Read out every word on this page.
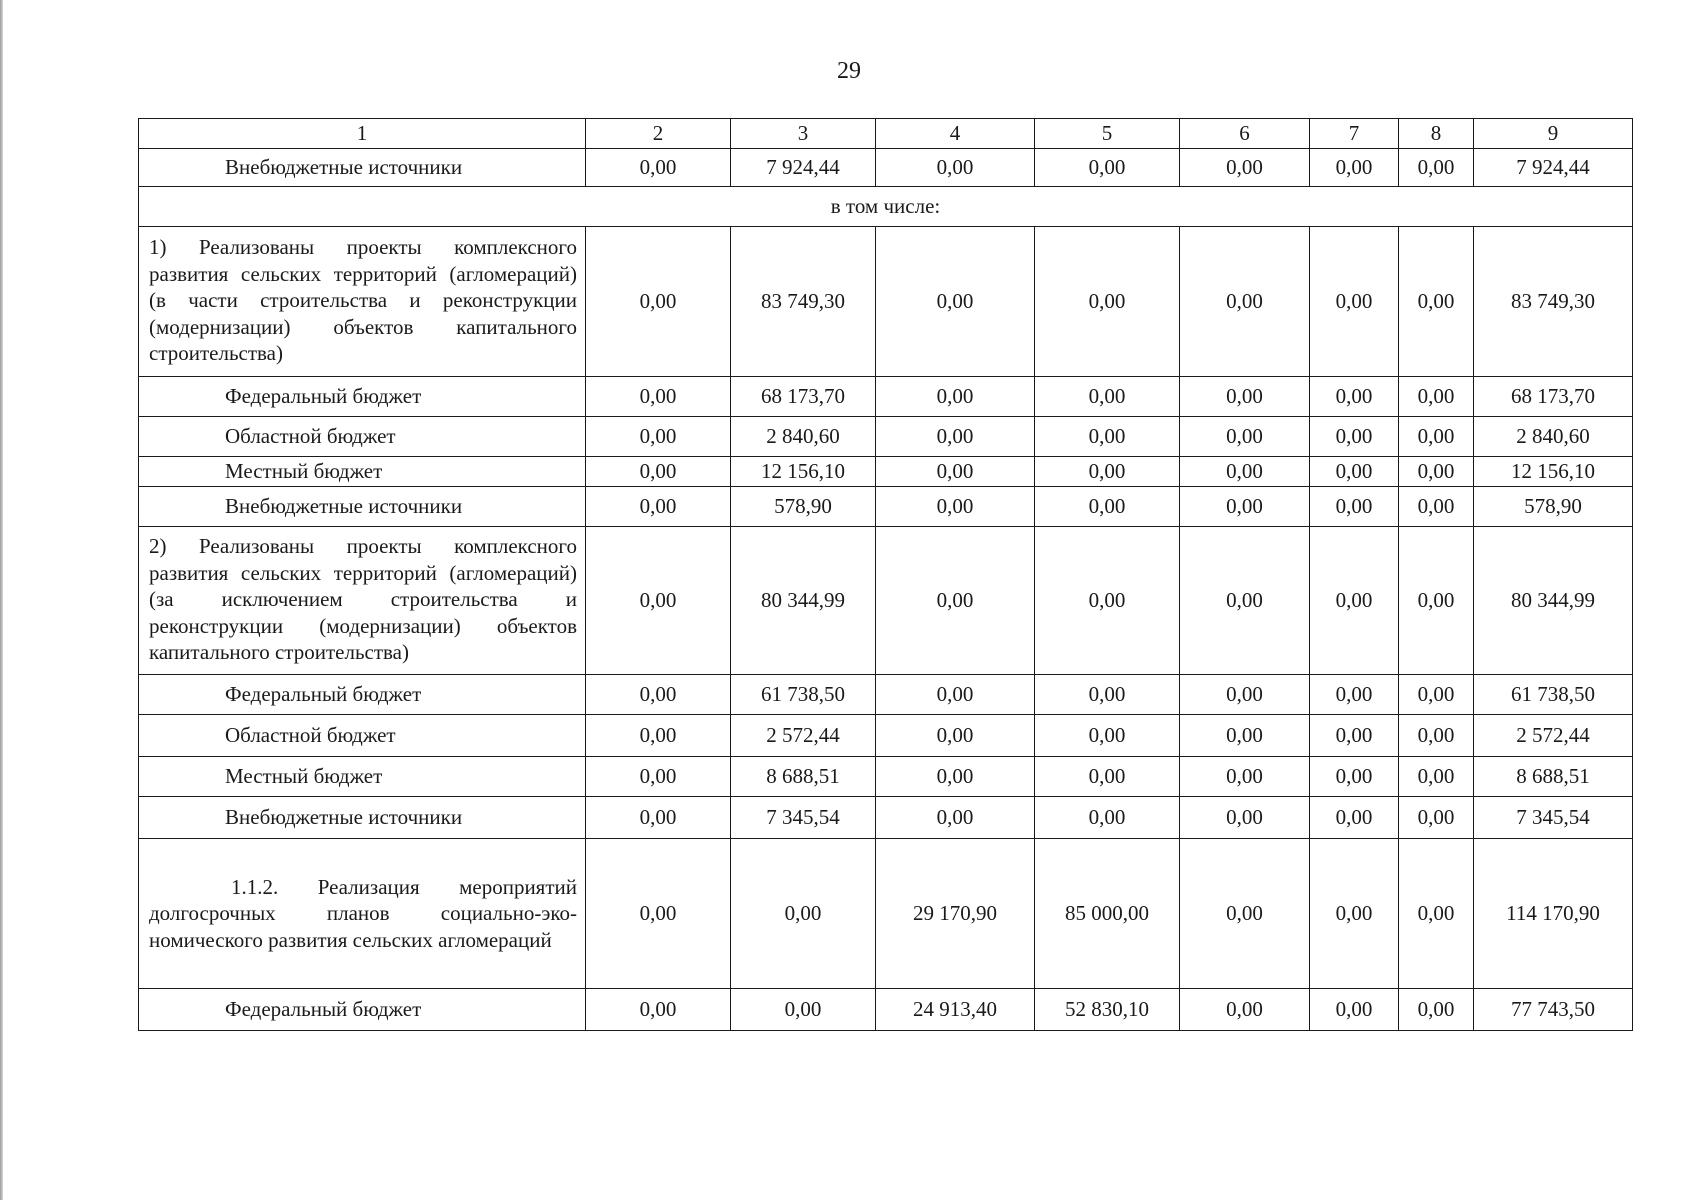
29
1	2	3	4	5	6	7	8	9
Внебюджетные источники	0,00	7 924,44	0,00	0,00	0,00	0,00	0,00	7 924,44
в том числе:								
1) Реализованы проекты комплексного развития сельских территорий (агломераций) (в части строительства и реконструкции (модернизации) объектов капитального строительства)	0,00	83 749,30	0,00	0,00	0,00	0,00	0,00	83 749,30
Федеральный бюджет	0,00	68 173,70	0,00	0,00	0,00	0,00	0,00	68 173,70
Областной бюджет	0,00	2 840,60	0,00	0,00	0,00	0,00	0,00	2 840,60
Местный бюджет	0,00	12 156,10	0,00	0,00	0,00	0,00	0,00	12 156,10
Внебюджетные источники	0,00	578,90	0,00	0,00	0,00	0,00	0,00	578,90
2) Реализованы проекты комплексного развития сельских территорий (агломераций) (за исключением строительства и реконструкции (модернизации) объектов капитального строительства)	0,00	80 344,99	0,00	0,00	0,00	0,00	0,00	80 344,99
Федеральный бюджет	0,00	61 738,50	0,00	0,00	0,00	0,00	0,00	61 738,50
Областной бюджет	0,00	2 572,44	0,00	0,00	0,00	0,00	0,00	2 572,44
Местный бюджет	0,00	8 688,51	0,00	0,00	0,00	0,00	0,00	8 688,51
Внебюджетные источники	0,00	7 345,54	0,00	0,00	0,00	0,00	0,00	7 345,54
1.1.2. Реализация мероприятий долгосрочных планов социально-экономического развития сельских агломераций	0,00	0,00	29 170,90	85 000,00	0,00	0,00	0,00	114 170,90
Федеральный бюджет	0,00	0,00	24 913,40	52 830,10	0,00	0,00	0,00	77 743,50
